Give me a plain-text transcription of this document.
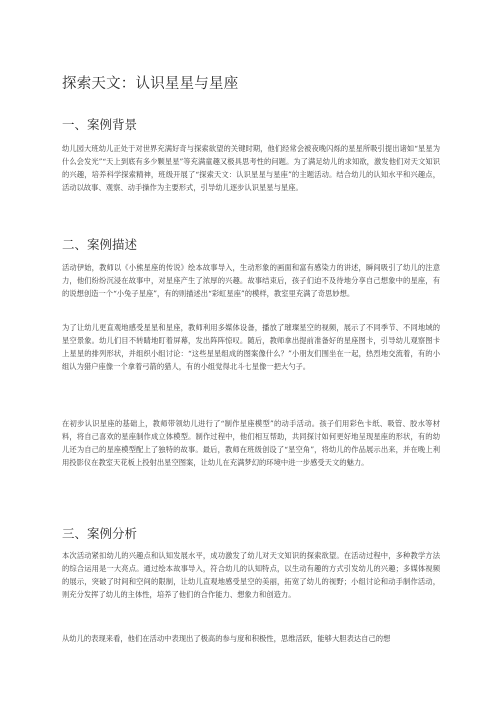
探索天文：认识星星与星座
一、案例背景
幼儿园大班幼儿正处于对世界充满好奇与探索欲望的关键时期，他们经常会被夜晚闪烁的星星所吸引提出诸如“星星为什么会发光”“天上到底有多少颗星星”等充满童趣又极具思考性的问题。为了满足幼儿的求知欲，激发他们对天文知识的兴趣，培养科学探索精神，班级开展了“探索天文：认识星星与星座”的主题活动。结合幼儿的认知水平和兴趣点，活动以故事、观察、动手操作为主要形式，引导幼儿逐步认识星星与星座。
二、案例描述
活动伊始，教师以《小熊星座的传说》绘本故事导入，生动形象的画面和富有感染力的讲述，瞬间吸引了幼儿的注意力，他们纷纷沉浸在故事中，对星座产生了浓厚的兴趣。故事结束后，孩子们迫不及待地分享自己想象中的星座，有的说想创造一个“小兔子星座”，有的则描述出“彩虹星座”的模样，教室里充满了奇思妙想。
为了让幼儿更直观地感受星星和星座，教师利用多媒体设备，播放了璀璨星空的视频，展示了不同季节、不同地域的星空景象。幼儿们目不转睛地盯着屏幕，发出阵阵惊叹。随后，教师拿出提前准备好的星座图卡，引导幼儿观察图卡上星星的排列形状，并组织小组讨论：“这些星星组成的图案像什么？”小朋友们围坐在一起，热烈地交流着，有的小组认为猎户座像一个拿着弓箭的猎人，有的小组觉得北斗七星像一把大勺子。
在初步认识星座的基础上，教师带领幼儿进行了“制作星座模型”的动手活动。孩子们用彩色卡纸、吸管、胶水等材料，将自己喜欢的星座制作成立体模型。制作过程中，他们相互帮助，共同探讨如何更好地呈现星座的形状，有的幼儿还为自己的星座模型配上了独特的故事。最后，教师在班级创设了“星空角”，将幼儿的作品展示出来，并在晚上利用投影仪在教室天花板上投射出星空图案，让幼儿在充满梦幻的环境中进一步感受天文的魅力。
三、案例分析
本次活动紧扣幼儿的兴趣点和认知发展水平，成功激发了幼儿对天文知识的探索欲望。在活动过程中，多种教学方法的综合运用是一大亮点。通过绘本故事导入，符合幼儿的认知特点，以生动有趣的方式引发幼儿的兴趣；多媒体视频的展示，突破了时间和空间的限制，让幼儿直观地感受星空的美丽，拓宽了幼儿的视野；小组讨论和动手制作活动，则充分发挥了幼儿的主体性，培养了他们的合作能力、想象力和创造力。
从幼儿的表现来看，他们在活动中表现出了极高的参与度和积极性，思维活跃，能够大胆表达自己的想
